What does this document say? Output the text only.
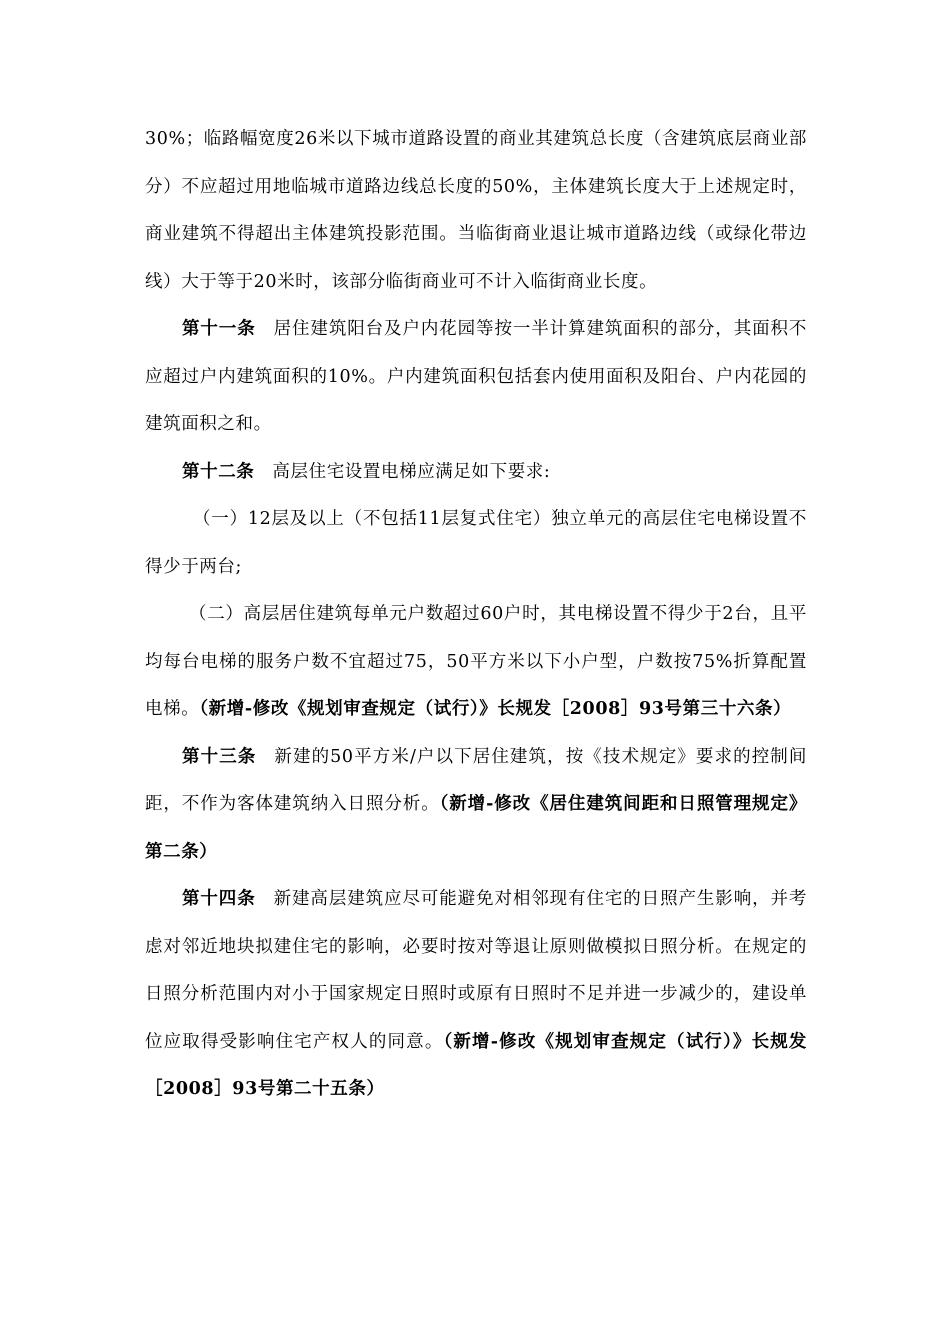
30%；临路幅宽度26米以下城市道路设置的商业其建筑总长度（含建筑底层商业部分）不应超过用地临城市道路边线总长度的50%，主体建筑长度大于上述规定时，商业建筑不得超出主体建筑投影范围。当临街商业退让城市道路边线（或绿化带边线）大于等于20米时，该部分临街商业可不计入临街商业长度。

第十一条 居住建筑阳台及户内花园等按一半计算建筑面积的部分，其面积不应超过户内建筑面积的10%。户内建筑面积包括套内使用面积及阳台、户内花园的建筑面积之和。

第十二条 高层住宅设置电梯应满足如下要求:

（一）12层及以上（不包括11层复式住宅）独立单元的高层住宅电梯设置不得少于两台;

（二）高层居住建筑每单元户数超过60户时，其电梯设置不得少于2台，且平均每台电梯的服务户数不宜超过75，50平方米以下小户型，户数按75%折算配置电梯。（新增-修改《规划审查规定（试行）》长规发［2008］93号第三十六条）

第十三条 新建的50平方米/户以下居住建筑，按《技术规定》要求的控制间距，不作为客体建筑纳入日照分析。（新增-修改《居住建筑间距和日照管理规定》第二条）

第十四条 新建高层建筑应尽可能避免对相邻现有住宅的日照产生影响，并考虑对邻近地块拟建住宅的影响，必要时按对等退让原则做模拟日照分析。在规定的日照分析范围内对小于国家规定日照时或原有日照时不足并进一步减少的，建设单位应取得受影响住宅产权人的同意。（新增-修改《规划审查规定（试行）》长规发［2008］93号第二十五条）
